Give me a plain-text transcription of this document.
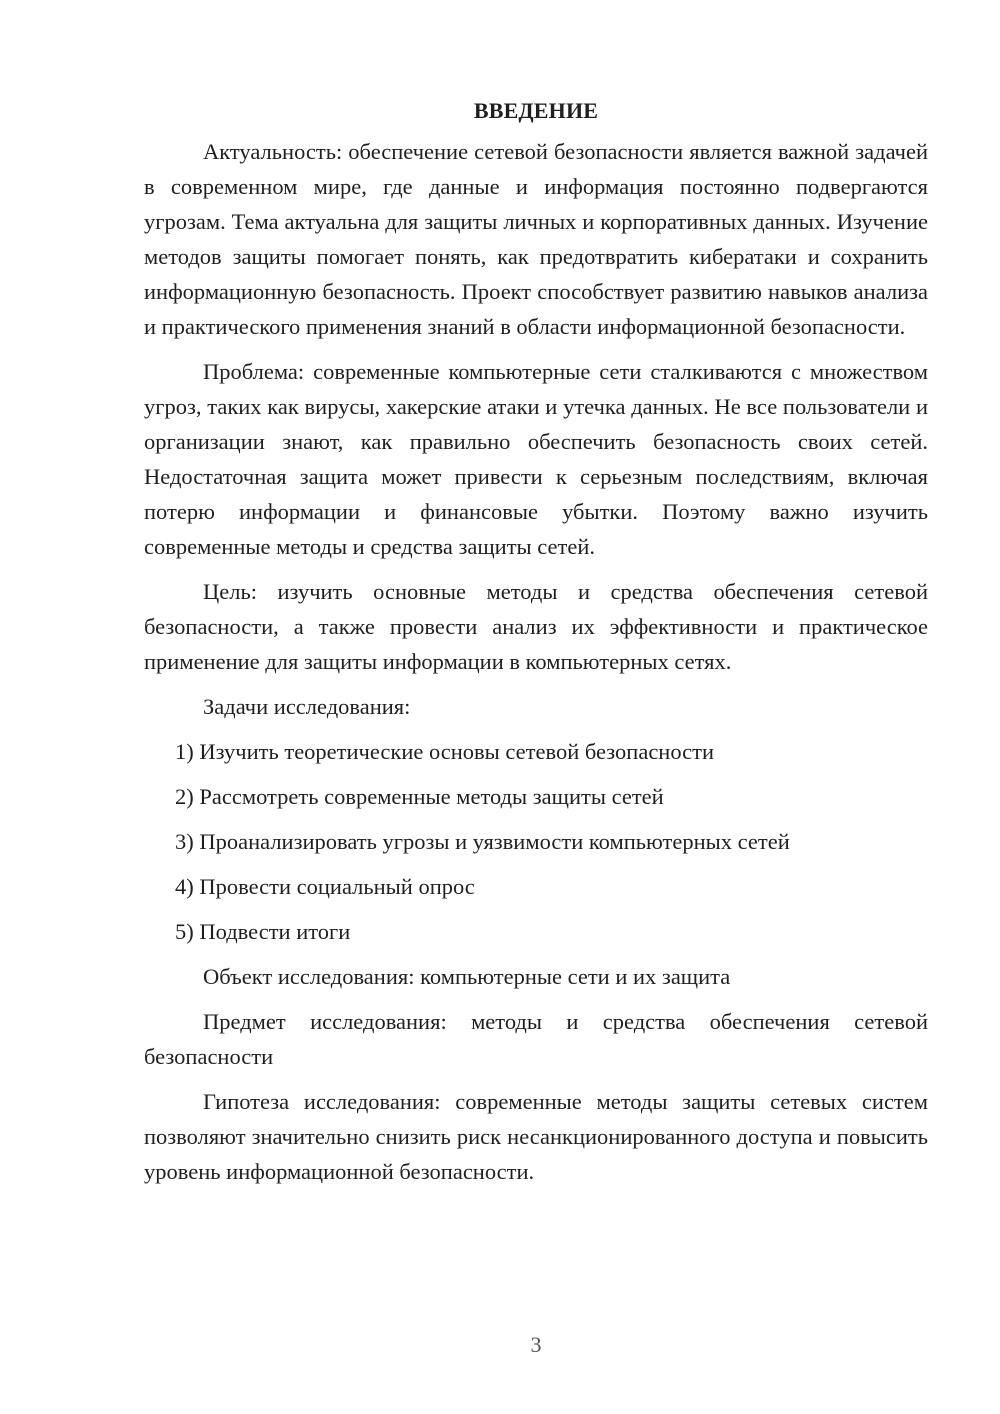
ВВЕДЕНИЕ

Актуальность: обеспечение сетевой безопасности является важной задачей в современном мире, где данные и информация постоянно подвергаются угрозам. Тема актуальна для защиты личных и корпоративных данных. Изучение методов защиты помогает понять, как предотвратить кибератаки и сохранить информационную безопасность. Проект способствует развитию навыков анализа и практического применения знаний в области информационной безопасности.

Проблема: современные компьютерные сети сталкиваются с множеством угроз, таких как вирусы, хакерские атаки и утечка данных. Не все пользователи и организации знают, как правильно обеспечить безопасность своих сетей. Недостаточная защита может привести к серьезным последствиям, включая потерю информации и финансовые убытки. Поэтому важно изучить современные методы и средства защиты сетей.

Цель: изучить основные методы и средства обеспечения сетевой безопасности, а также провести анализ их эффективности и практическое применение для защиты информации в компьютерных сетях.

Задачи исследования:

1) Изучить теоретические основы сетевой безопасности
2) Рассмотреть современные методы защиты сетей
3) Проанализировать угрозы и уязвимости компьютерных сетей
4) Провести социальный опрос
5) Подвести итоги

Объект исследования: компьютерные сети и их защита

Предмет исследования: методы и средства обеспечения сетевой безопасности

Гипотеза исследования: современные методы защиты сетевых систем позволяют значительно снизить риск несанкционированного доступа и повысить уровень информационной безопасности.

3
